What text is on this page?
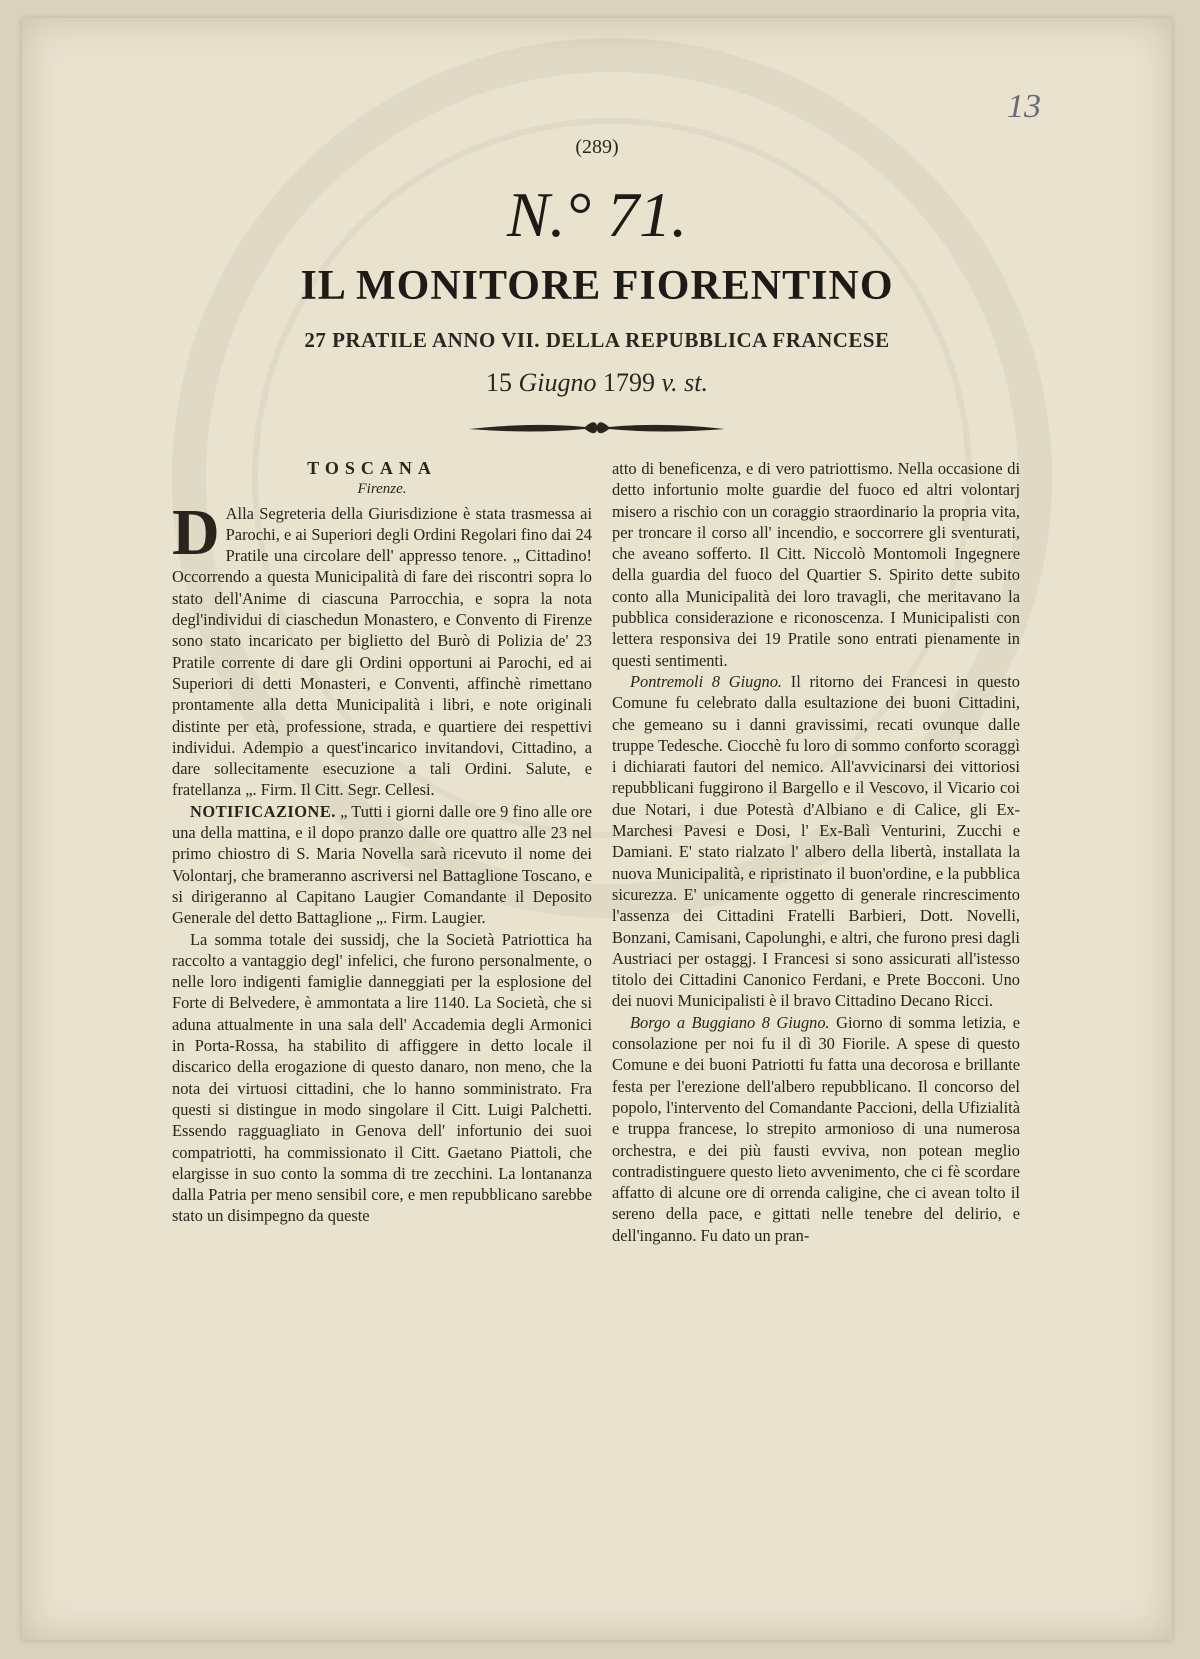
(289)
13
N.° 71.
IL MONITORE FIORENTINO
27 PRATILE ANNO VII. DELLA REPUBBLICA FRANCESE
15 Giugno 1799 v. st.
TOSCANA
Firenze.

D Alla Segreteria della Giurisdizione è stata trasmessa ai Parochi, e ai Superiori degli Ordini Regolari fino dai 24 Pratile una circolare dell' appresso tenore. „ Cittadino! Occorrendo a questa Municipalità di fare dei riscontri sopra lo stato dell'Anime di ciascuna Parrocchia, e sopra la nota degl'individui di ciaschedun Monastero, e Convento di Firenze sono stato incaricato per biglietto del Burò di Polizia de' 23 Pratile corrente di dare gli Ordini opportuni ai Parochi, ed ai Superiori di detti Monasteri, e Conventi, affinchè rimettano prontamente alla detta Municipalità i libri, e note originali distinte per età, professione, strada, e quartiere dei respettivi individui. Adempio a quest'incarico invitandovi, Cittadino, a dare sollecitamente esecuzione a tali Ordini. Salute, e fratellanza „. Firm. Il Citt. Segr. Cellesi.

NOTIFICAZIONE. „ Tutti i giorni dalle ore 9 fino alle ore una della mattina, e il dopo pranzo dalle ore quattro alle 23 nel primo chiostro di S. Maria Novella sarà ricevuto il nome dei Volontarj, che brameranno ascriversi nel Battaglione Toscano, e si dirigeranno al Capitano Laugier Comandante il Deposito Generale del detto Battaglione „. Firm. Laugier.

La somma totale dei sussidj, che la Società Patriottica ha raccolto a vantaggio degl' infelici, che furono personalmente, o nelle loro indigenti famiglie danneggiati per la esplosione del Forte di Belvedere, è ammontata a lire 1140. La Società, che si aduna attualmente in una sala dell' Accademia degli Armonici in Porta-Rossa, ha stabilito di affiggere in detto locale il discarico della erogazione di questo danaro, non meno, che la nota dei virtuosi cittadini, che lo hanno somministrato. Fra questi si distingue in modo singolare il Citt. Luigi Palchetti. Essendo ragguagliato in Genova dell' infortunio dei suoi compatriotti, ha commissionato il Citt. Gaetano Piattoli, che elargisse in suo conto la somma di tre zecchini. La lontananza dalla Patria per meno sensibil core, e men repubblicano sarebbe stato un disimpegno da queste

atto di beneficenza, e di vero patriottismo. Nella occasione di detto infortunio molte guardie del fuoco ed altri volontarj misero a rischio con un coraggio straordinario la propria vita, per troncare il corso all' incendio, e soccorrere gli sventurati, che aveano sofferto. Il Citt. Niccolò Montomoli Ingegnere della guardia del fuoco del Quartier S. Spirito dette subito conto alla Municipalità dei loro travagli, che meritavano la pubblica considerazione e riconoscenza. I Municipalisti con lettera responsiva dei 19 Pratile sono entrati pienamente in questi sentimenti.

Pontremoli 8 Giugno. Il ritorno dei Francesi in questo Comune fu celebrato dalla esultazione dei buoni Cittadini, che gemeano su i danni gravissimi, recati ovunque dalle truppe Tedesche. Ciocchè fu loro di sommo conforto scoraggì i dichiarati fautori del nemico. All'avvicinarsi dei vittoriosi repubblicani fuggirono il Bargello e il Vescovo, il Vicario coi due Notari, i due Potestà d'Albiano e di Calice, gli Ex-Marchesi Pavesi e Dosi, l' Ex-Balì Venturini, Zucchi e Damiani. E' stato rialzato l' albero della libertà, installata la nuova Municipalità, e ripristinato il buon'ordine, e la pubblica sicurezza. E' unicamente oggetto di generale rincrescimento l'assenza dei Cittadini Fratelli Barbieri, Dott. Novelli, Bonzani, Camisani, Capolunghi, e altri, che furono presi dagli Austriaci per ostaggj. I Francesi si sono assicurati all'istesso titolo dei Cittadini Canonico Ferdani, e Prete Bocconi. Uno dei nuovi Municipalisti è il bravo Cittadino Decano Ricci.

Borgo a Buggiano 8 Giugno. Giorno di somma letizia, e consolazione per noi fu il dì 30 Fiorile. A spese di questo Comune e dei buoni Patriotti fu fatta una decorosa e brillante festa per l'erezione dell'albero repubblicano. Il concorso del popolo, l'intervento del Comandante Paccioni, della Ufizialità e truppa francese, lo strepito armonioso di una numerosa orchestra, e dei più fausti evviva, non potean meglio contradistinguere questo lieto avvenimento, che ci fè scordare affatto di alcune ore di orrenda caligine, che ci avean tolto il sereno della pace, e gittati nelle tenebre del delirio, e dell'inganno. Fu dato un pran-
